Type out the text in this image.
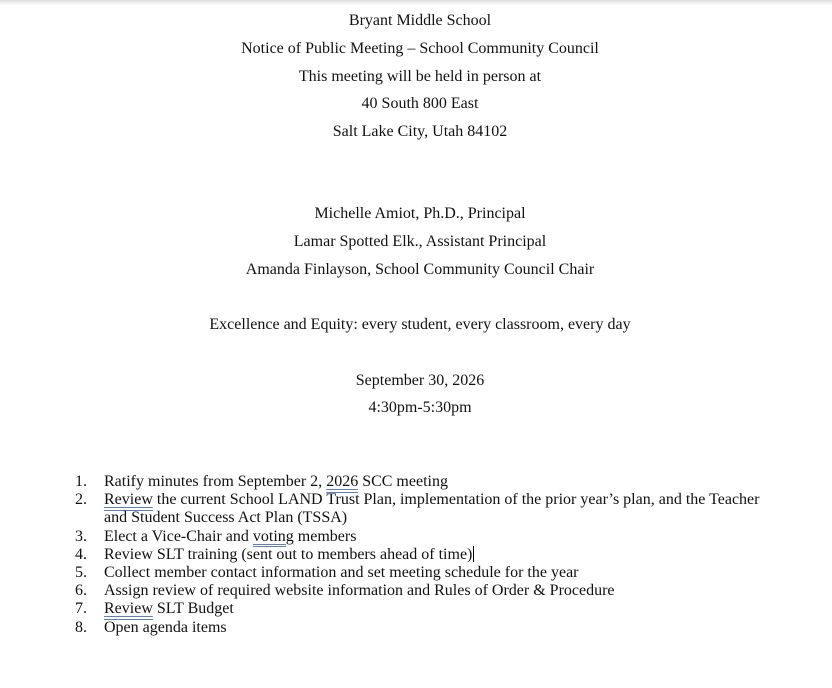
Bryant Middle School
Notice of Public Meeting – School Community Council
This meeting will be held in person at
40 South 800 East
Salt Lake City, Utah 84102
Michelle Amiot, Ph.D., Principal
Lamar Spotted Elk., Assistant Principal
Amanda Finlayson, School Community Council Chair
Excellence and Equity: every student, every classroom, every day
September 30, 2026
4:30pm-5:30pm
1. Ratify minutes from September 2, 2026 SCC meeting
2. Review the current School LAND Trust Plan, implementation of the prior year’s plan, and the Teacher and Student Success Act Plan (TSSA)
3. Elect a Vice-Chair and voting members
4. Review SLT training (sent out to members ahead of time)
5. Collect member contact information and set meeting schedule for the year
6. Assign review of required website information and Rules of Order & Procedure
7. Review SLT Budget
8. Open agenda items
